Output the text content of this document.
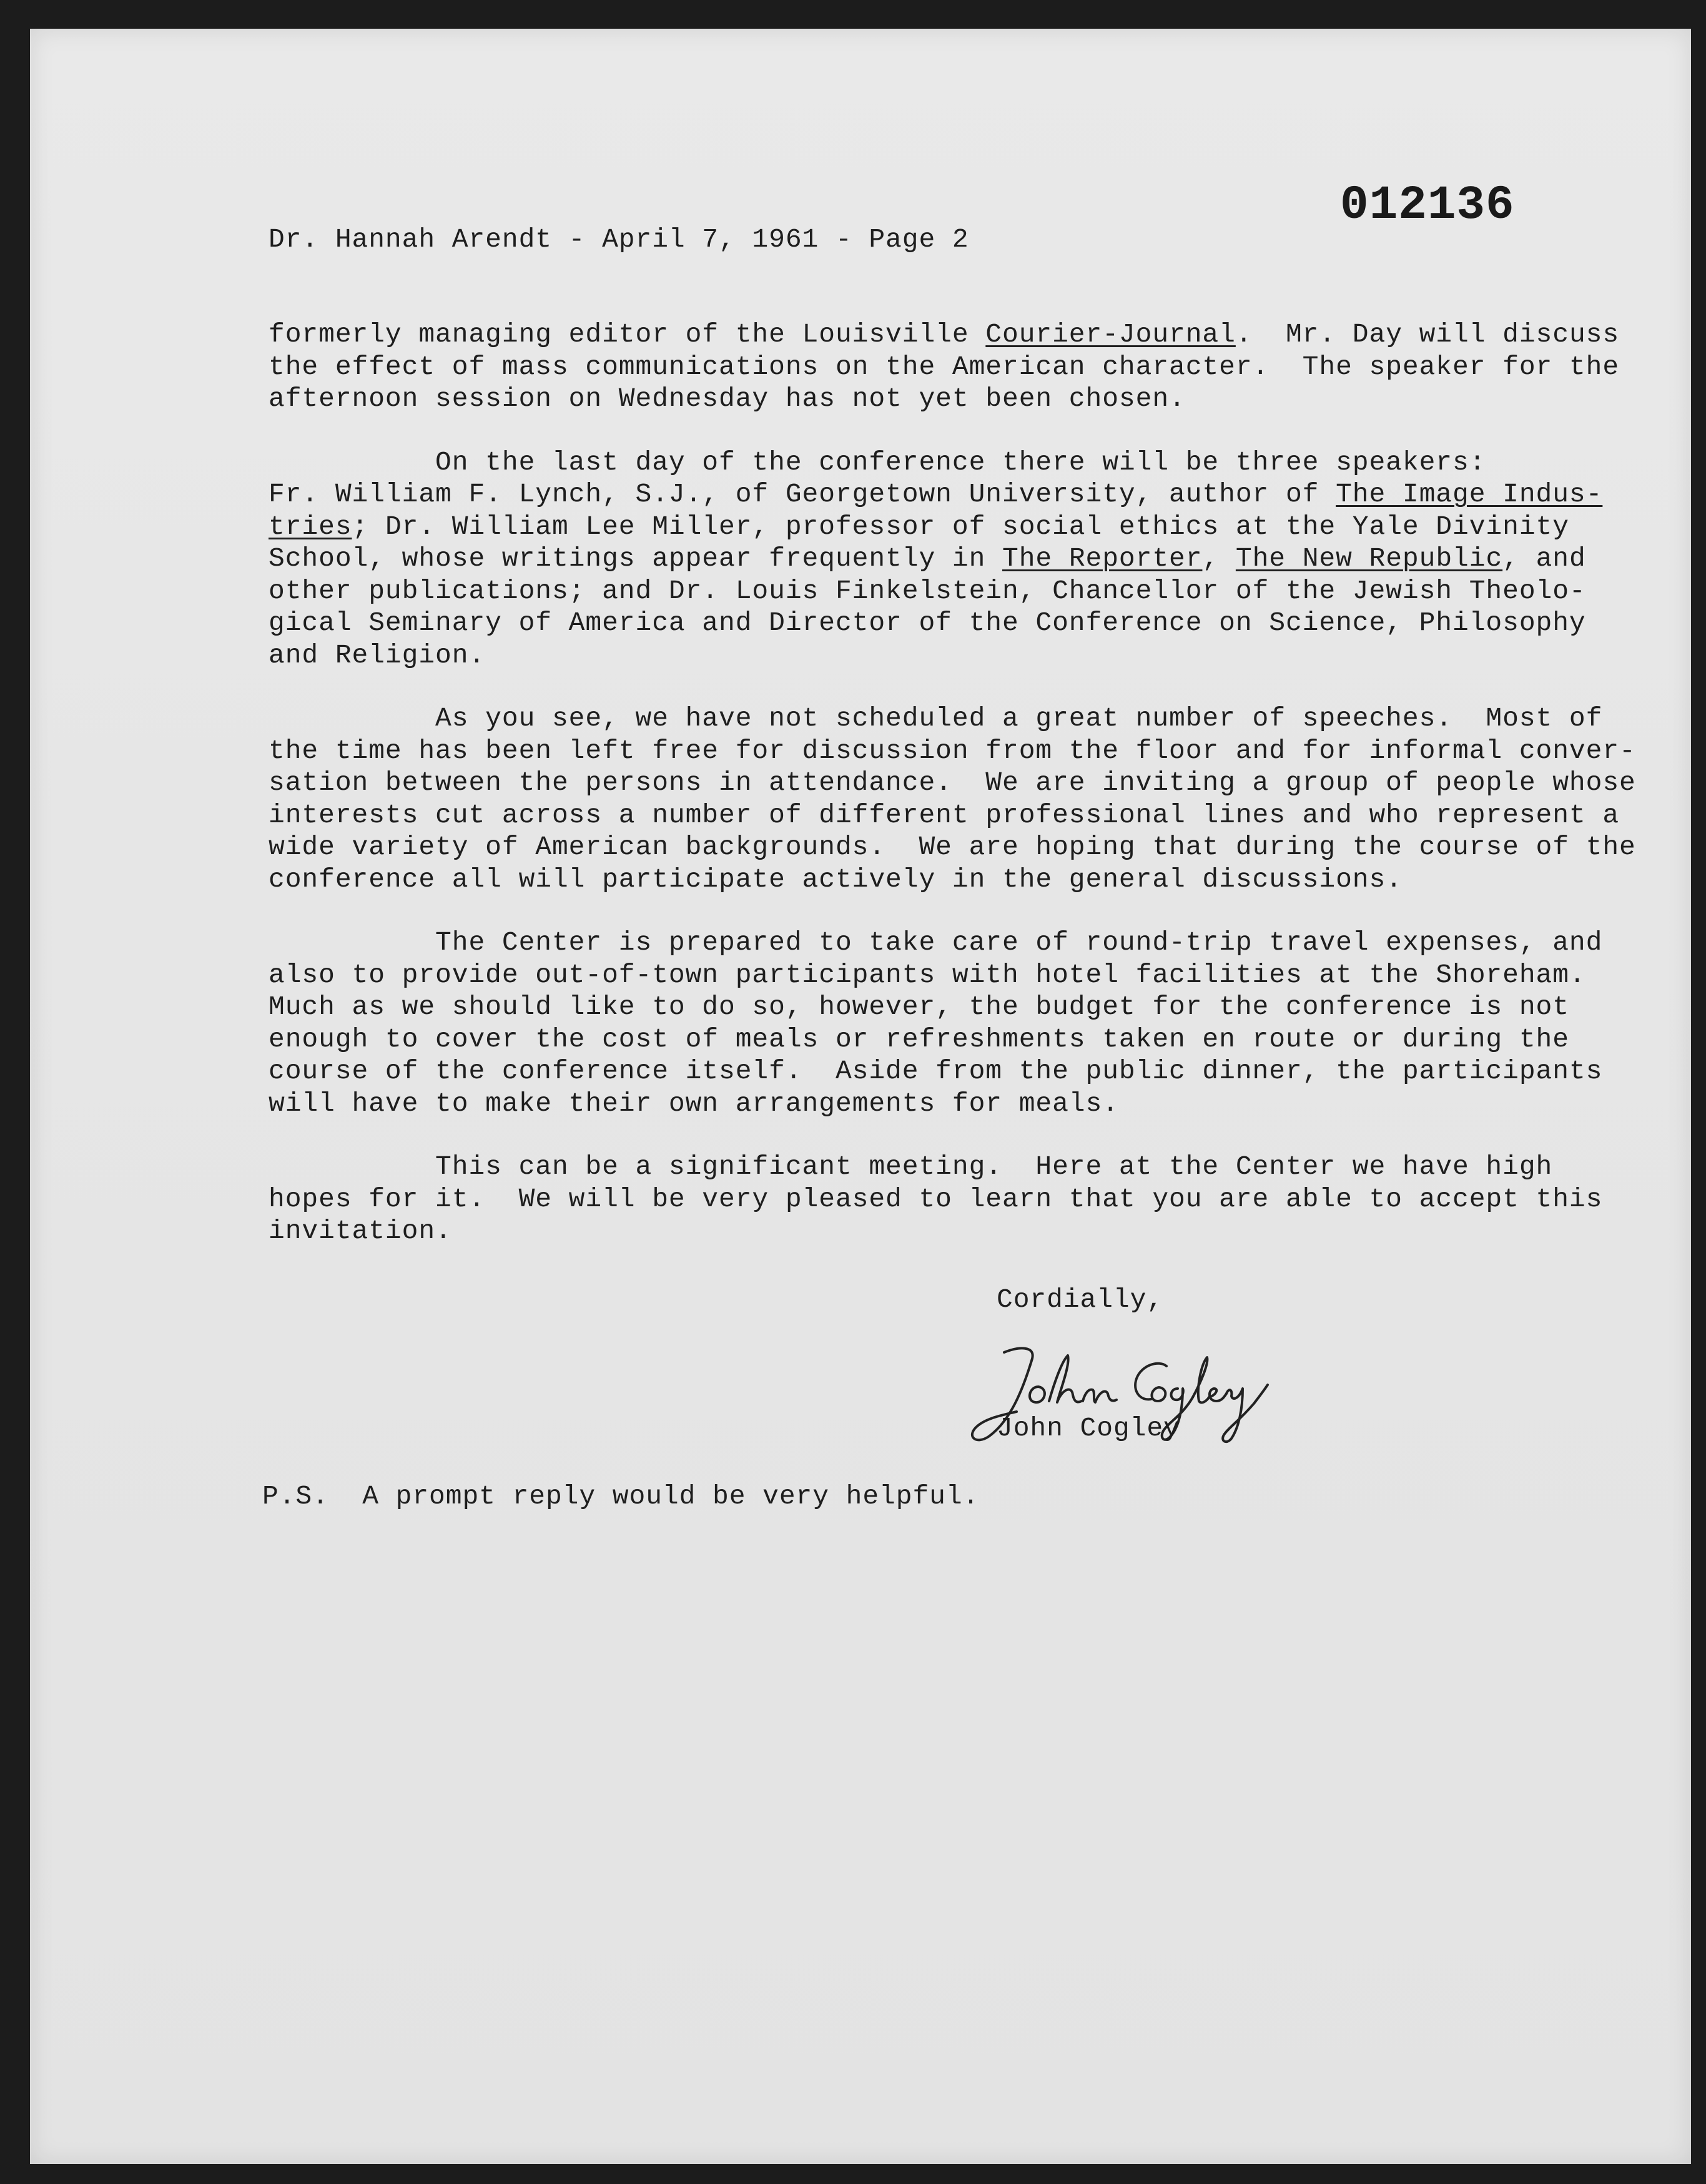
012136
Dr. Hannah Arendt - April 7, 1961 - Page 2

formerly managing editor of the Louisville Courier-Journal.  Mr. Day will discuss
the effect of mass communications on the American character.  The speaker for the
afternoon session on Wednesday has not yet been chosen.

On the last day of the conference there will be three speakers:
Fr. William F. Lynch, S.J., of Georgetown University, author of The Image Indus-
tries; Dr. William Lee Miller, professor of social ethics at the Yale Divinity
School, whose writings appear frequently in The Reporter, The New Republic, and
other publications; and Dr. Louis Finkelstein, Chancellor of the Jewish Theolo-
gical Seminary of America and Director of the Conference on Science, Philosophy
and Religion.

As you see, we have not scheduled a great number of speeches.  Most of
the time has been left free for discussion from the floor and for informal conver-
sation between the persons in attendance.  We are inviting a group of people whose
interests cut across a number of different professional lines and who represent a
wide variety of American backgrounds.  We are hoping that during the course of the
conference all will participate actively in the general discussions.

The Center is prepared to take care of round-trip travel expenses, and
also to provide out-of-town participants with hotel facilities at the Shoreham.
Much as we should like to do so, however, the budget for the conference is not
enough to cover the cost of meals or refreshments taken en route or during the
course of the conference itself.  Aside from the public dinner, the participants
will have to make their own arrangements for meals.

This can be a significant meeting.  Here at the Center we have high
hopes for it.  We will be very pleased to learn that you are able to accept this
invitation.

Cordially,
John Cogley
P.S.  A prompt reply would be very helpful.
